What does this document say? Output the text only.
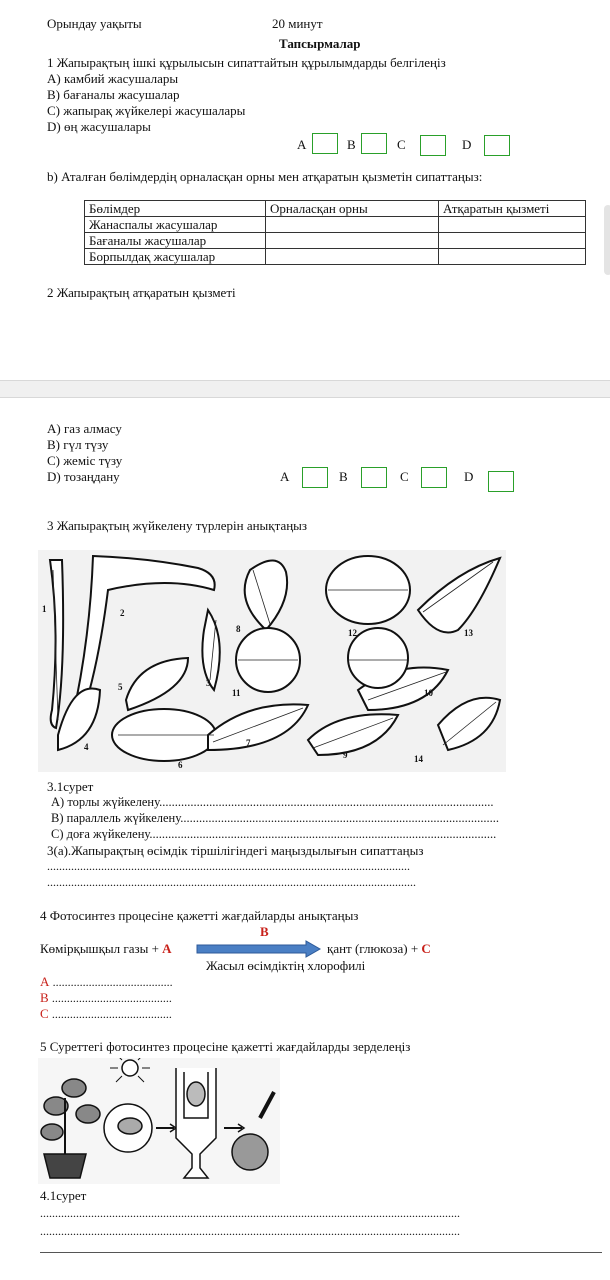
Орындау уақыты	20 минут
Тапсырмалар
1 Жапырақтың ішкі құрылысын сипаттайтын құрылымдарды белгілеңіз
А) камбий жасушалары
В) бағаналы жасушалар
С) жапырақ жүйкелері жасушалары
D) өң жасушалары
A	B	C	D
b) Аталған бөлімдердің орналасқан орны мен атқаратын қызметін сипаттаңыз:
Бөлімдер	Орналасқан орны	Атқаратын қызметі
Жанаспалы жасушалар		
Бағаналы жасушалар		
Борпылдақ жасушалар		
2 Жапырақтың атқаратын қызметі
А) газ алмасу
В) гүл түзу
С) жеміс түзу
D) тозаңдану	A	B	C	D
3 Жапырақтың жүйкелену түрлерін анықтаңыз
1	2
3
4
5
6
7
8
9
10
11
12	13
14
3.1сурет
А) торлы жүйкелену...........................................................................................................
В) параллель жүйкелену......................................................................................................
С) доға жүйкелену...............................................................................................................
3(а).Жапырақтың өсімдік тіршілігіндегі маңыздылығын сипаттаңыз
.........................................................................................................................
...........................................................................................................................
4 Фотосинтез процесіне қажетті жағдайларды анықтаңыз
B
Көмірқышқыл газы + A	қант (глюкоза) + C
Жасыл өсімдіктің хлорофилі
А ........................................
В ........................................
С ........................................
5 Суреттегі фотосинтез процесіне қажетті жағдайларды зерделеңіз
4.1сурет
............................................................................................................................................
............................................................................................................................................
